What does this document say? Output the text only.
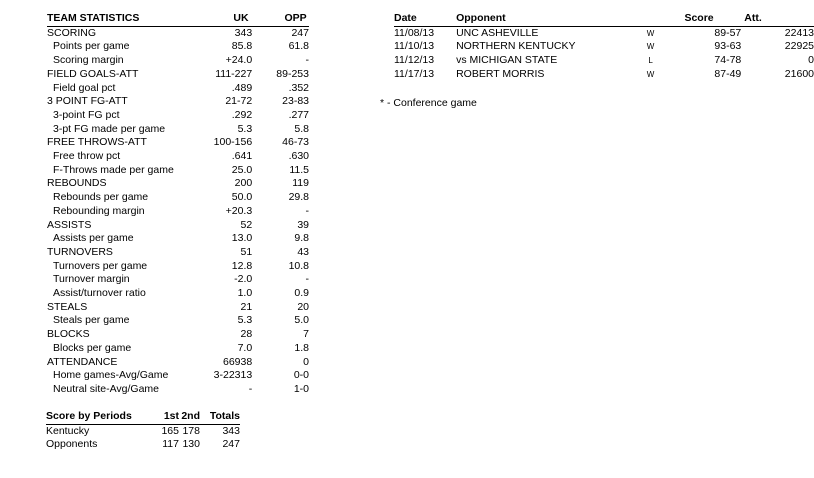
TEAM STATISTICS	UK	OPP
SCORING	343	247
Points per game	85.8	61.8
Scoring margin	+24.0	-
FIELD GOALS-ATT	111-227	89-253
Field goal pct	.489	.352
3 POINT FG-ATT	21-72	23-83
3-point FG pct	.292	.277
3-pt FG made per game	5.3	5.8
FREE THROWS-ATT	100-156	46-73
Free throw pct	.641	.630
F-Throws made per game	25.0	11.5
REBOUNDS	200	119
Rebounds per game	50.0	29.8
Rebounding margin	+20.3	-
ASSISTS	52	39
Assists per game	13.0	9.8
TURNOVERS	51	43
Turnovers per game	12.8	10.8
Turnover margin	-2.0	-
Assist/turnover ratio	1.0	0.9
STEALS	21	20
Steals per game	5.3	5.0
BLOCKS	28	7
Blocks per game	7.0	1.8
ATTENDANCE	66938	0
Home games-Avg/Game	3-22313	0-0
Neutral site-Avg/Game	-	1-0
Date	Opponent		Score	Att.
11/08/13	UNC ASHEVILLE	W	89-57	22413
11/10/13	NORTHERN KENTUCKY	W	93-63	22925
11/12/13	vs MICHIGAN STATE	L	74-78	0
11/17/13	ROBERT MORRIS	W	87-49	21600
* - Conference game
Score by Periods	1st	2nd	Totals
Kentucky	165	178	343
Opponents	117	130	247
